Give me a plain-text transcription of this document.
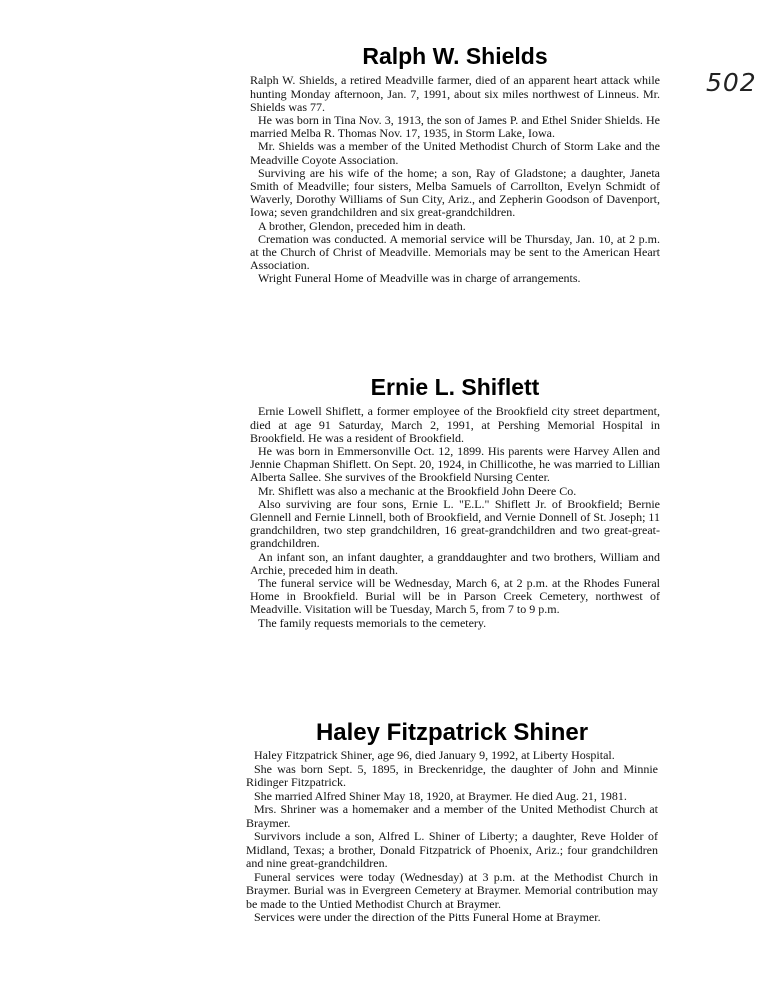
502
Ralph W. Shields

Ralph W. Shields, a retired Meadville farmer, died of an apparent heart attack while hunting Monday afternoon, Jan. 7, 1991, about six miles northwest of Linneus. Mr. Shields was 77.

He was born in Tina Nov. 3, 1913, the son of James P. and Ethel Snider Shields. He married Melba R. Thomas Nov. 17, 1935, in Storm Lake, Iowa.

Mr. Shields was a member of the United Methodist Church of Storm Lake and the Meadville Coyote Association.

Surviving are his wife of the home; a son, Ray of Gladstone; a daughter, Janeta Smith of Meadville; four sisters, Melba Samuels of Carrollton, Evelyn Schmidt of Waverly, Dorothy Williams of Sun City, Ariz., and Zepherin Goodson of Davenport, Iowa; seven grandchildren and six great-grandchildren.

A brother, Glendon, preceded him in death.

Cremation was conducted. A memorial service will be Thursday, Jan. 10, at 2 p.m. at the Church of Christ of Meadville. Memorials may be sent to the American Heart Association.

Wright Funeral Home of Meadville was in charge of arrangements.

Ernie L. Shiflett

Ernie Lowell Shiflett, a former employee of the Brookfield city street department, died at age 91 Saturday, March 2, 1991, at Pershing Memorial Hospital in Brookfield. He was a resident of Brookfield.

He was born in Emmersonville Oct. 12, 1899. His parents were Harvey Allen and Jennie Chapman Shiflett. On Sept. 20, 1924, in Chillicothe, he was married to Lillian Alberta Sallee. She survives of the Brookfield Nursing Center.

Mr. Shiflett was also a mechanic at the Brookfield John Deere Co.

Also surviving are four sons, Ernie L. "E.L." Shiflett Jr. of Brookfield; Bernie Glennell and Fernie Linnell, both of Brookfield, and Vernie Donnell of St. Joseph; 11 grandchildren, two step grandchildren, 16 great-grandchildren and two great-great-grandchildren.

An infant son, an infant daughter, a granddaughter and two brothers, William and Archie, preceded him in death.

The funeral service will be Wednesday, March 6, at 2 p.m. at the Rhodes Funeral Home in Brookfield. Burial will be in Parson Creek Cemetery, northwest of Meadville. Visitation will be Tuesday, March 5, from 7 to 9 p.m.

The family requests memorials to the cemetery.

Haley Fitzpatrick Shiner

Haley Fitzpatrick Shiner, age 96, died January 9, 1992, at Liberty Hospital.

She was born Sept. 5, 1895, in Breckenridge, the daughter of John and Minnie Ridinger Fitzpatrick.

She married Alfred Shiner May 18, 1920, at Braymer. He died Aug. 21, 1981.

Mrs. Shriner was a homemaker and a member of the United Methodist Church at Braymer.

Survivors include a son, Alfred L. Shiner of Liberty; a daughter, Reve Holder of Midland, Texas; a brother, Donald Fitzpatrick of Phoenix, Ariz.; four grandchildren and nine great-grandchildren.

Funeral services were today (Wednesday) at 3 p.m. at the Methodist Church in Braymer. Burial was in Evergreen Cemetery at Braymer. Memorial contribution may be made to the Untied Methodist Church at Braymer.

Services were under the direction of the Pitts Funeral Home at Braymer.
